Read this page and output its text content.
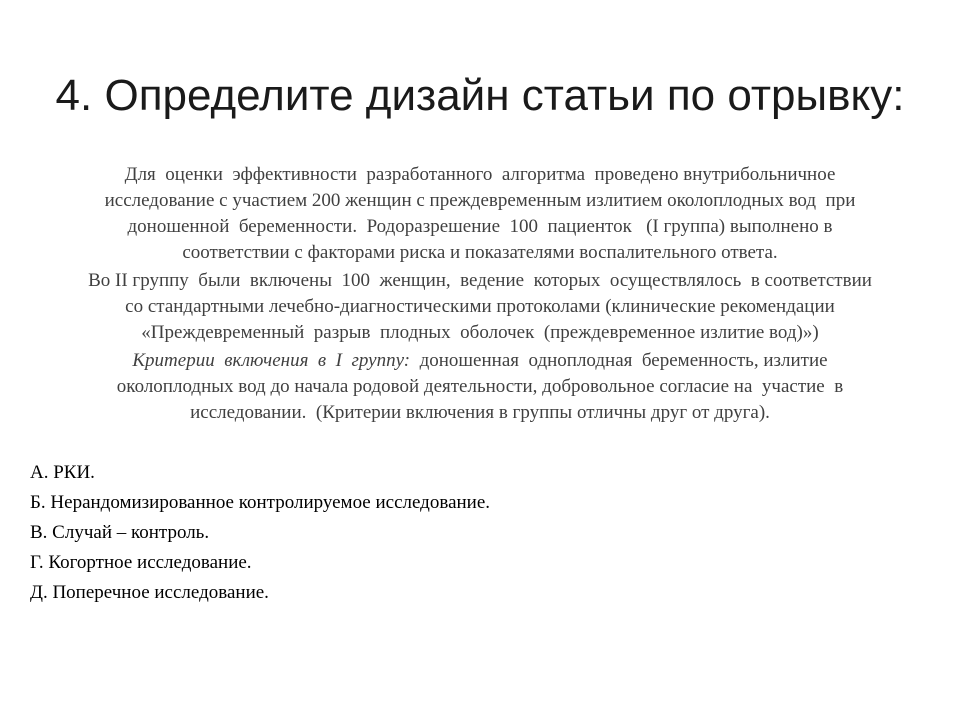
4. Определите дизайн статьи по отрывку:
Для  оценки  эффективности  разработанного  алгоритма  проведено внутрибольничное
исследование с участием 200 женщин с преждевременным излитием околоплодных вод  при
доношенной  беременности.  Родоразрешение  100  пациенток   (I группа) выполнено в
соответствии с факторами риска и показателями воспалительного ответа.
Во II группу  были  включены  100  женщин,  ведение  которых  осуществлялось  в соответствии
со стандартными лечебно-диагностическими протоколами (клинические рекомендации
«Преждевременный  разрыв  плодных  оболочек  (преждевременное излитие вод)»)
Критерии  включения  в  I  группу:  доношенная  одноплодная  беременность, излитие
околоплодных вод до начала родовой деятельности, добровольное согласие на  участие  в
исследовании.  (Критерии включения в группы отличны друг от друга).
А. РКИ.
Б. Нерандомизированное контролируемое исследование.
В. Случай – контроль.
Г. Когортное исследование.
Д. Поперечное исследование.
